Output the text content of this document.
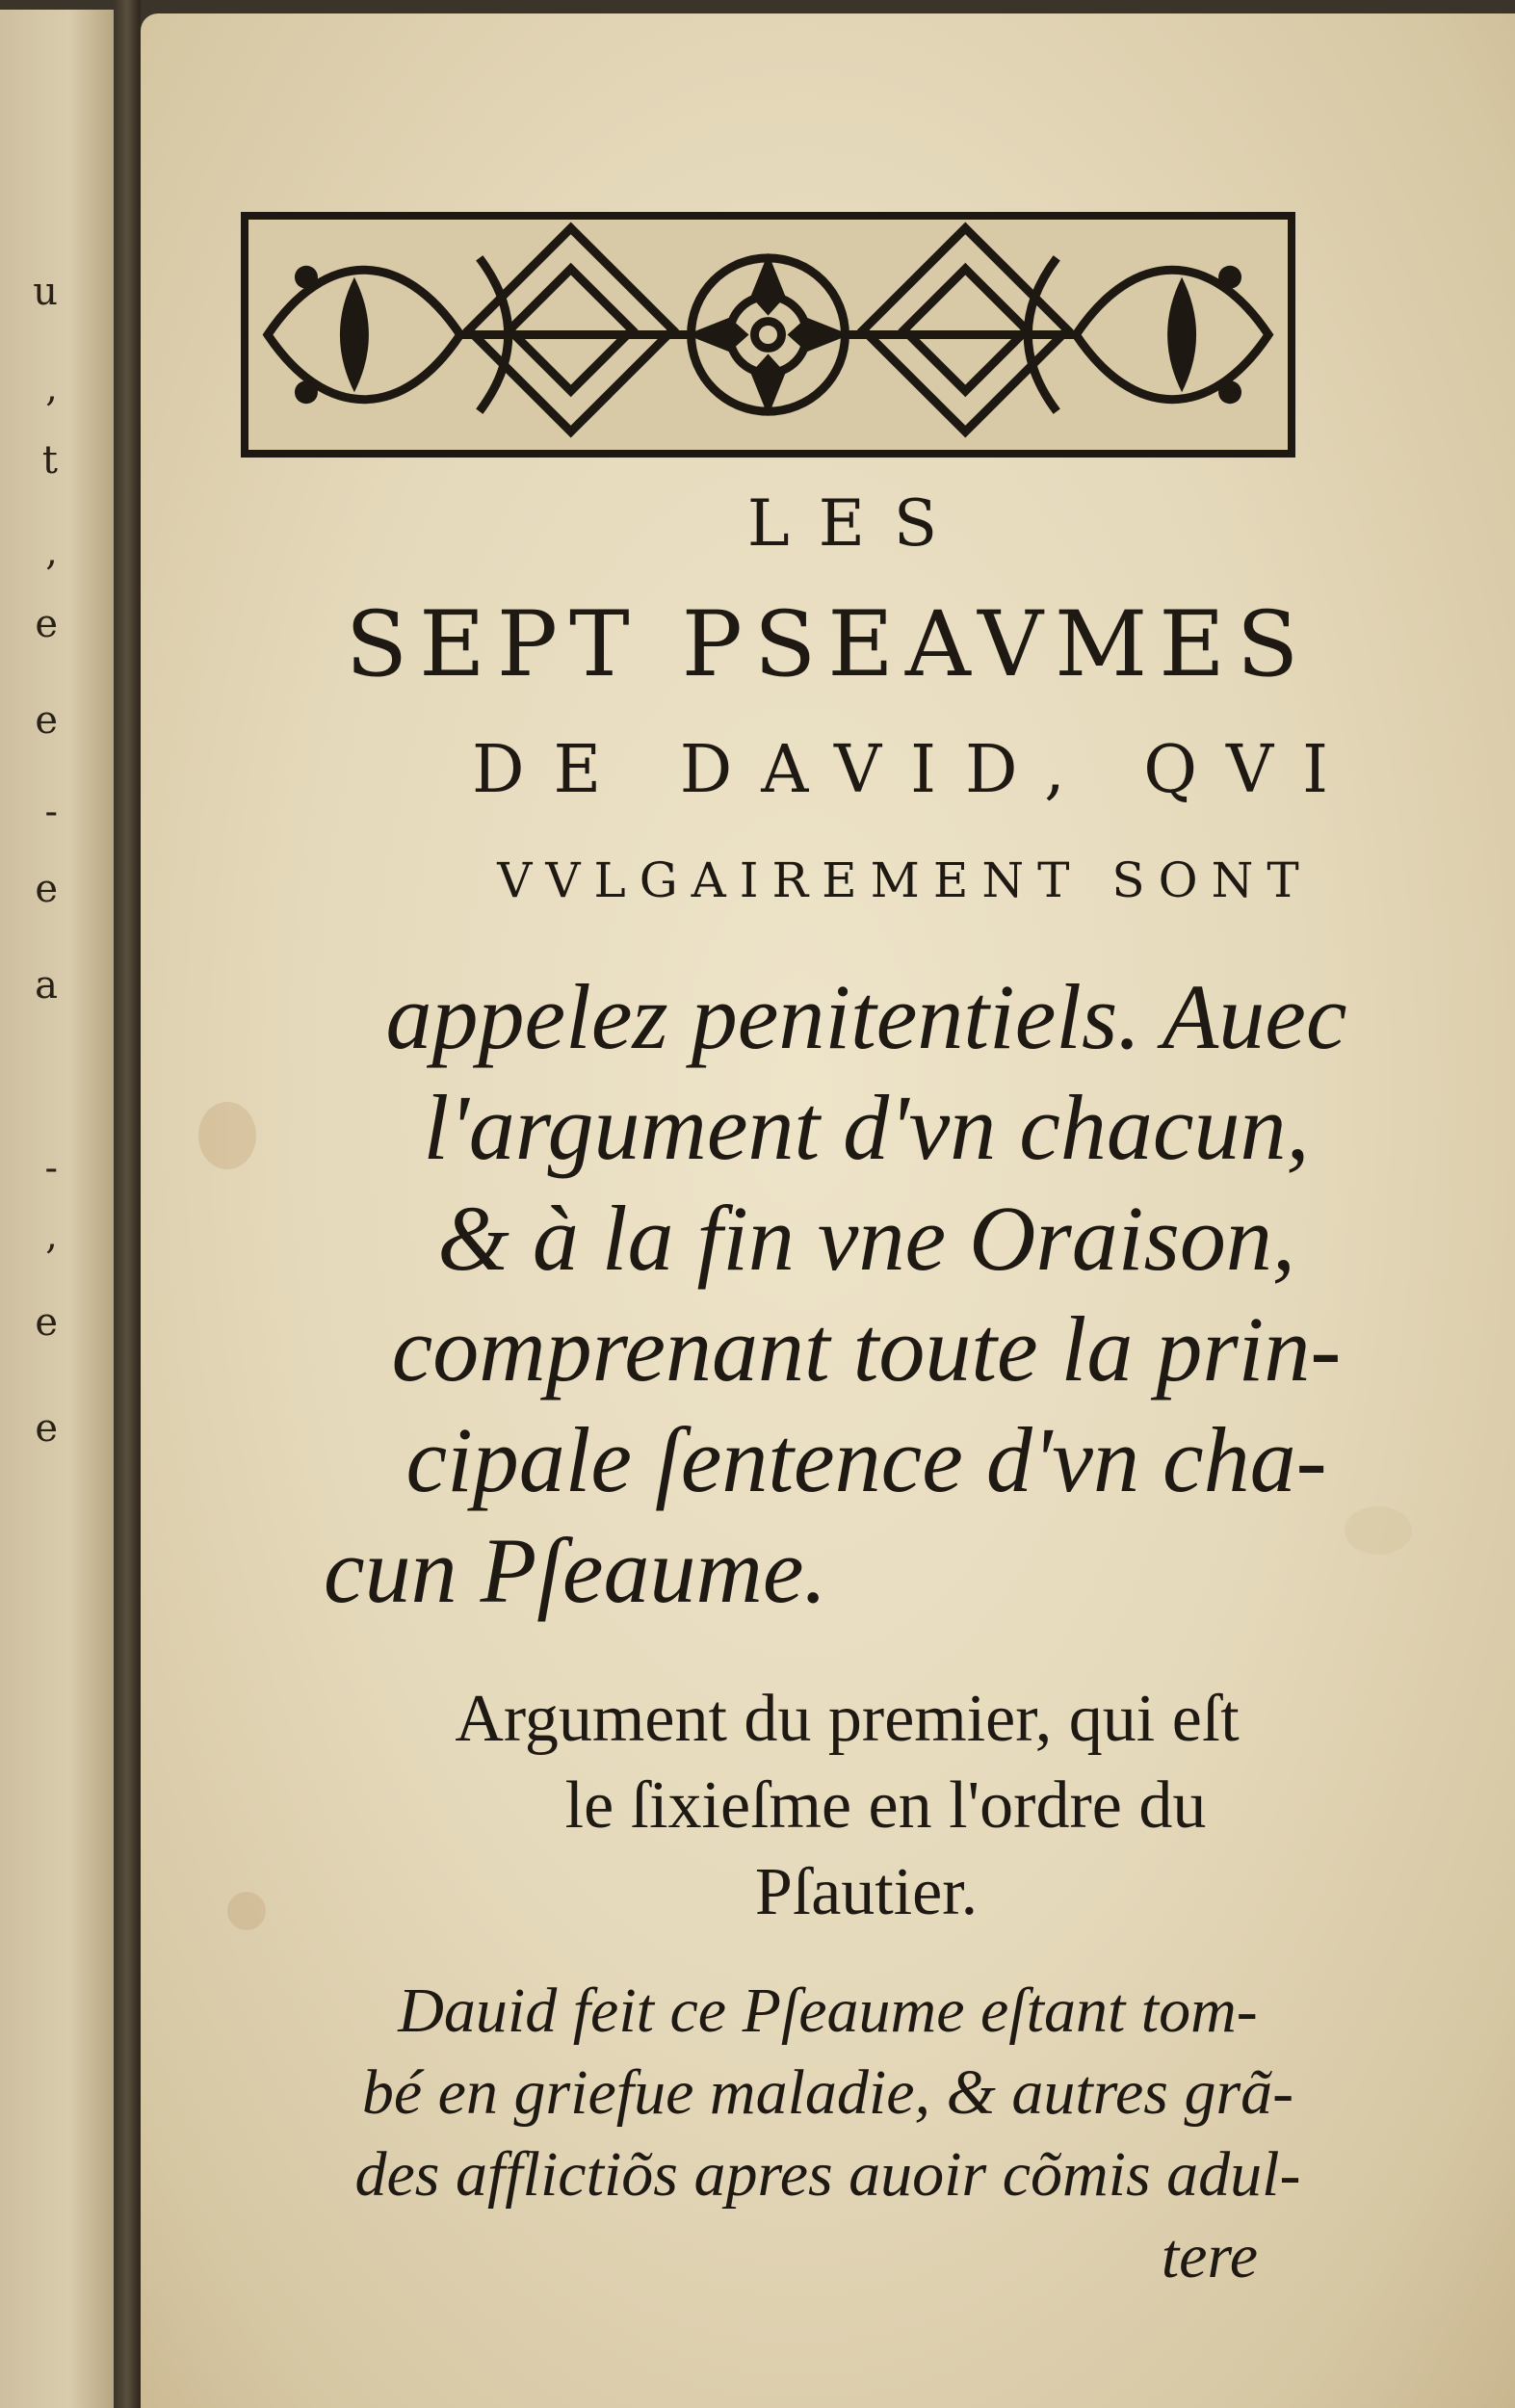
u
,
t
,
e
e
-
e
a
-
,
e
e
LES
SEPT PSEAVMES
DE DAVID, QVI
VVLGAIREMENT SONT
appelez penitentiels. Auec
l'argument d'vn chacun,
& à la fin vne Oraison,
comprenant toute la prin-
cipale ſentence d'vn cha-
cun Pſeaume.
Argument du premier, qui eſt
le ſixieſme en l'ordre du
Pſautier.
Dauid feit ce Pſeaume eſtant tom-
bé en griefue maladie, & autres grã-
des afflictiõs apres auoir cõmis adul-
tere
